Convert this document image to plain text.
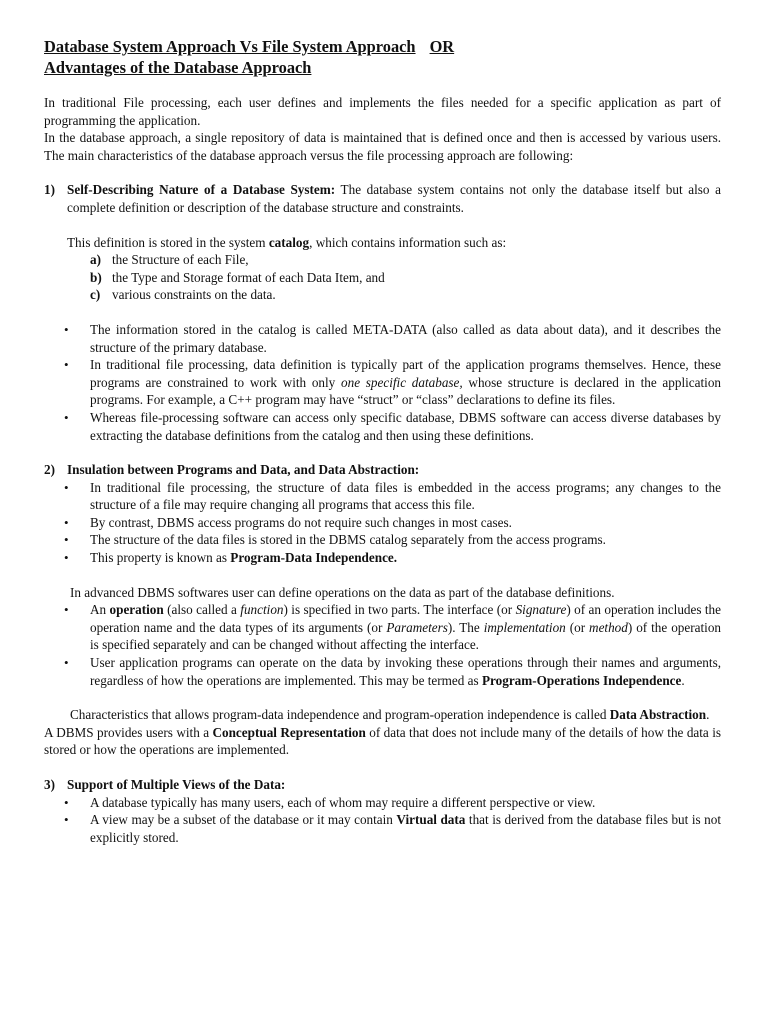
Database System Approach Vs File System Approach OR
Advantages of the Database Approach

In traditional File processing, each user defines and implements the files needed for a specific application as part of programming the application.

In the database approach, a single repository of data is maintained that is defined once and then is accessed by various users. The main characteristics of the database approach versus the file processing approach are following:

1) Self-Describing Nature of a Database System: The database system contains not only the database itself but also a complete definition or description of the database structure and constraints.
This definition is stored in the system catalog, which contains information such as:
a) the Structure of each File,
b) the Type and Storage format of each Data Item, and
c) various constraints on the data.
•	The information stored in the catalog is called META-DATA (also called as data about data), and it describes the structure of the primary database.
•	In traditional file processing, data definition is typically part of the application programs themselves. Hence, these programs are constrained to work with only one specific database, whose structure is declared in the application programs. For example, a C++ program may have “struct” or “class” declarations to define its files.
•	Whereas file-processing software can access only specific database, DBMS software can access diverse databases by extracting the database definitions from the catalog and then using these definitions.
2) Insulation between Programs and Data, and Data Abstraction:
•	In traditional file processing, the structure of data files is embedded in the access programs; any changes to the structure of a file may require changing all programs that access this file.
•	By contrast, DBMS access programs do not require such changes in most cases.
•	The structure of the data files is stored in the DBMS catalog separately from the access programs.
•	This property is known as Program-Data Independence.
In advanced DBMS softwares user can define operations on the data as part of the database definitions.
•	An operation (also called a function) is specified in two parts. The interface (or Signature) of an operation includes the operation name and the data types of its arguments (or Parameters). The implementation (or method) of the operation is specified separately and can be changed without affecting the interface.
•	User application programs can operate on the data by invoking these operations through their names and arguments, regardless of how the operations are implemented. This may be termed as Program-Operations Independence.

Characteristics that allows program-data independence and program-operation independence is called Data Abstraction.

A DBMS provides users with a Conceptual Representation of data that does not include many of the details of how the data is stored or how the operations are implemented.

3) Support of Multiple Views of the Data:
•	A database typically has many users, each of whom may require a different perspective or view.
•	A view may be a subset of the database or it may contain Virtual data that is derived from the database files but is not explicitly stored.
